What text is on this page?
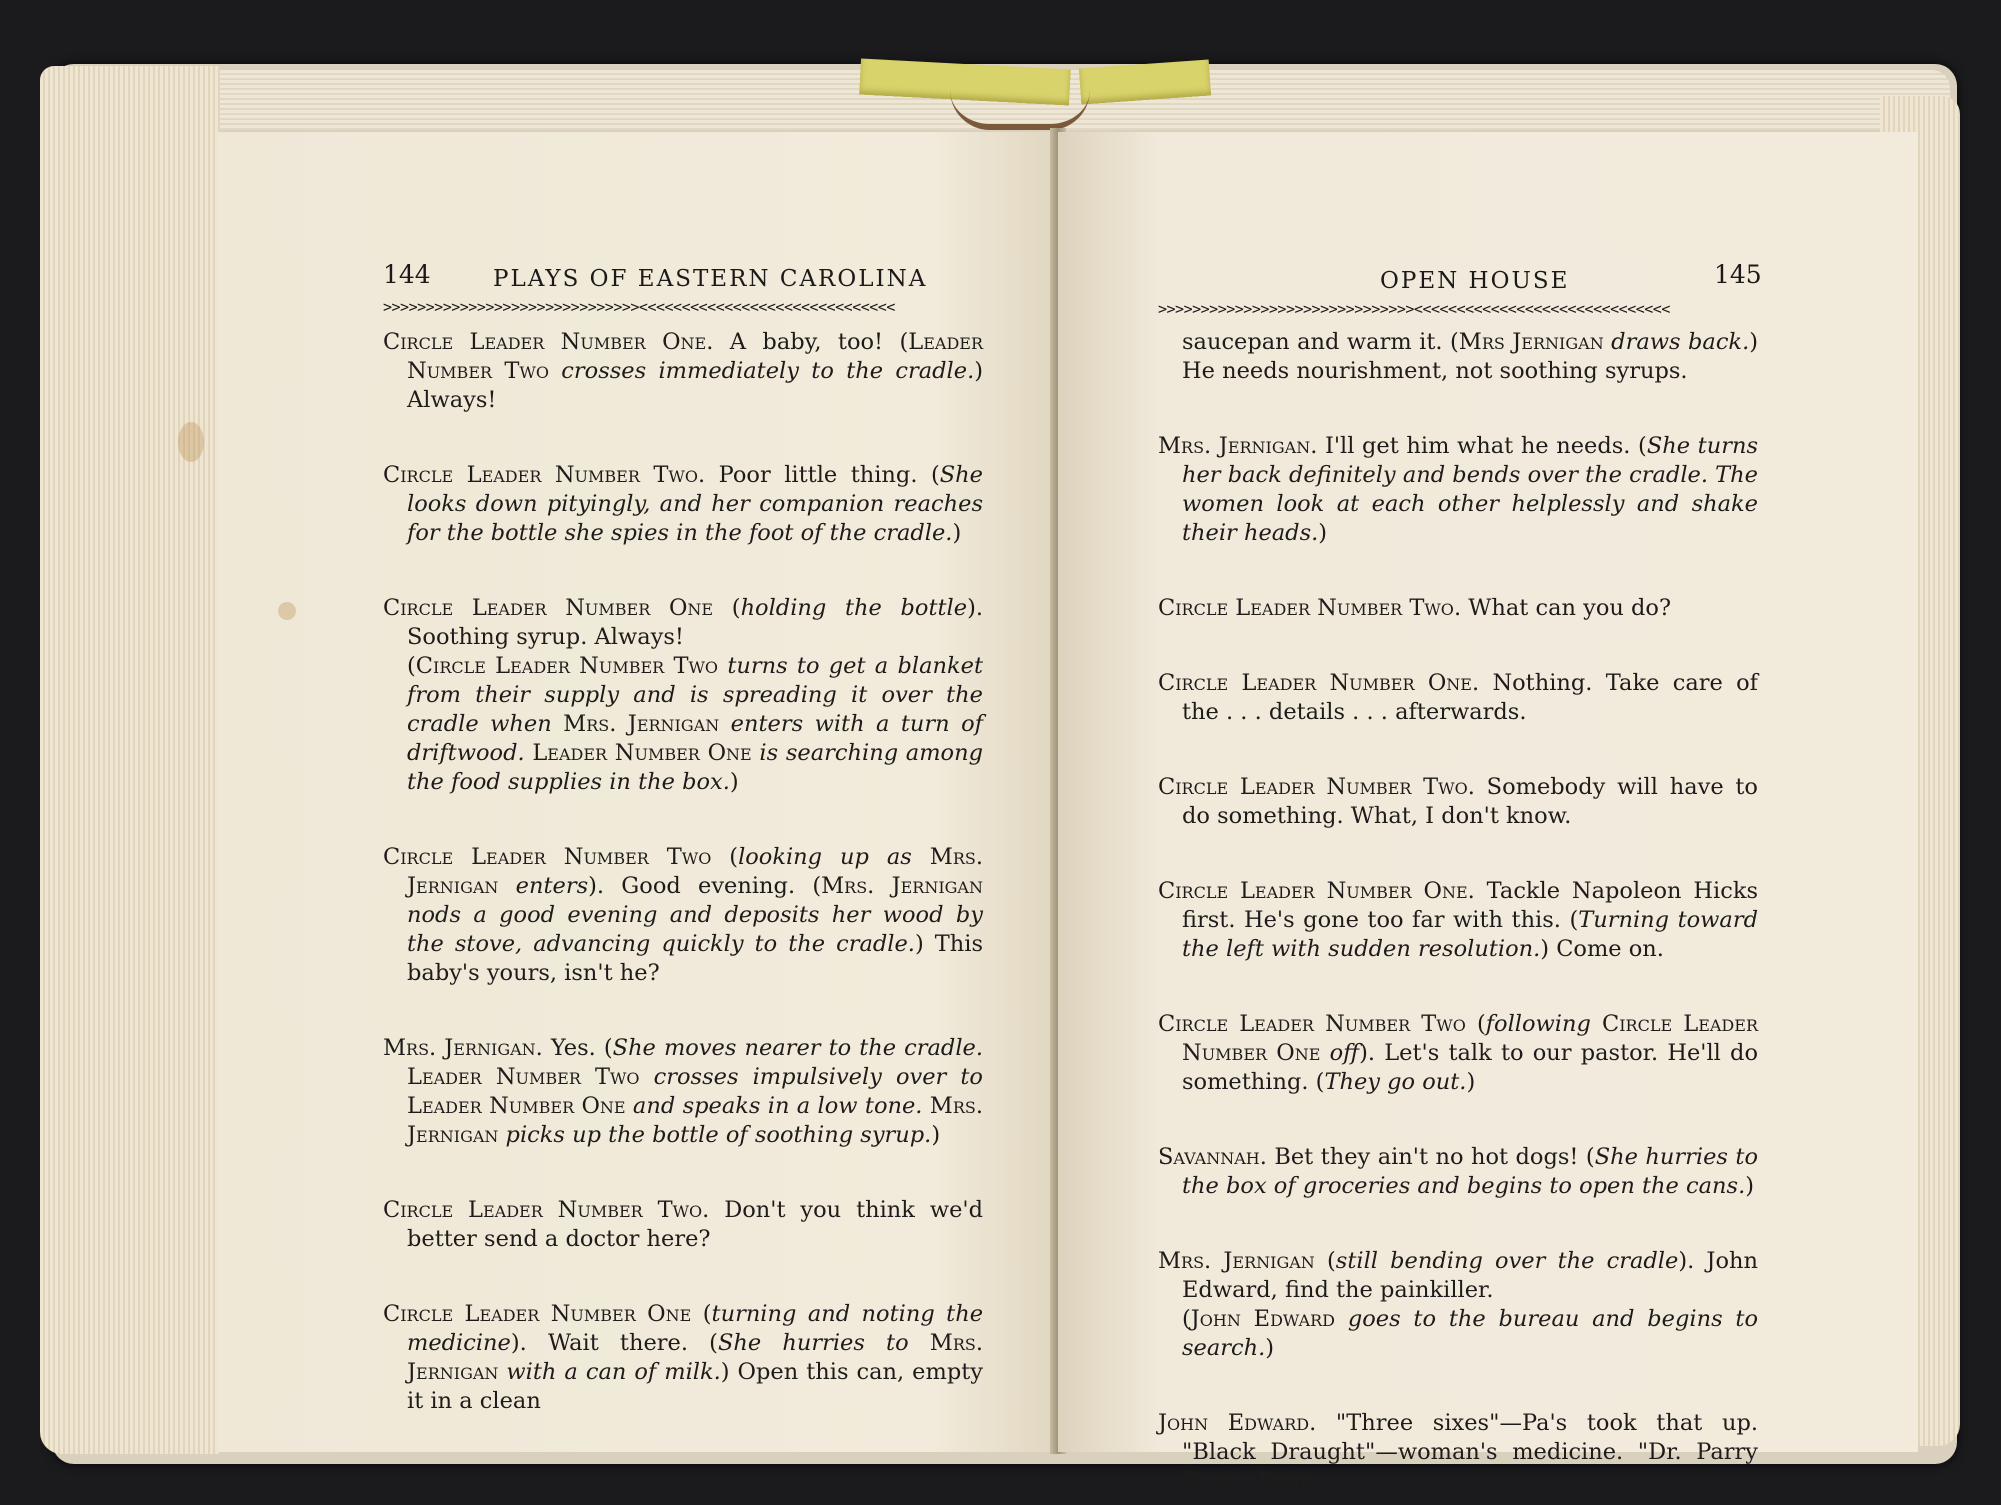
144	PLAYS OF EASTERN CAROLINA
>>>>>>>>>>>>>>>>>>>>>>>>>>>>>><<<<<<<<<<<<<<<<<<<<<<<<<<<<<<

Circle Leader Number One. A baby, too! (Leader Number Two crosses immediately to the cradle.) Always!

Circle Leader Number Two. Poor little thing. (She looks down pityingly, and her companion reaches for the bottle she spies in the foot of the cradle.)

Circle Leader Number One (holding the bottle). Soothing syrup. Always!

(Circle Leader Number Two turns to get a blanket from their supply and is spreading it over the cradle when Mrs. Jernigan enters with a turn of driftwood. Leader Number One is searching among the food supplies in the box.)

Circle Leader Number Two (looking up as Mrs. Jernigan enters). Good evening. (Mrs. Jernigan nods a good evening and deposits her wood by the stove, advancing quickly to the cradle.) This baby's yours, isn't he?

Mrs. Jernigan. Yes. (She moves nearer to the cradle. Leader Number Two crosses impulsively over to Leader Number One and speaks in a low tone. Mrs. Jernigan picks up the bottle of soothing syrup.)

Circle Leader Number Two. Don't you think we'd better send a doctor here?

Circle Leader Number One (turning and noting the medicine). Wait there. (She hurries to Mrs. Jernigan with a can of milk.) Open this can, empty it in a clean

OPEN HOUSE	145
>>>>>>>>>>>>>>>>>>>>>>>>>>>>>><<<<<<<<<<<<<<<<<<<<<<<<<<<<<<

saucepan and warm it. (Mrs Jernigan draws back.) He needs nourishment, not soothing syrups.

Mrs. Jernigan. I'll get him what he needs. (She turns her back definitely and bends over the cradle. The women look at each other helplessly and shake their heads.)

Circle Leader Number Two. What can you do?

Circle Leader Number One. Nothing. Take care of the . . . details . . . afterwards.

Circle Leader Number Two. Somebody will have to do something. What, I don't know.

Circle Leader Number One. Tackle Napoleon Hicks first. He's gone too far with this. (Turning toward the left with sudden resolution.) Come on.

Circle Leader Number Two (following Circle Leader Number One off). Let's talk to our pastor. He'll do something. (They go out.)

Savannah. Bet they ain't no hot dogs! (She hurries to the box of groceries and begins to open the cans.)

Mrs. Jernigan (still bending over the cradle). John Edward, find the painkiller.

(John Edward goes to the bureau and begins to search.)

John Edward. "Three sixes"—Pa's took that up. "Black Draught"—woman's medicine. "Dr. Parry Davis' Pain-
